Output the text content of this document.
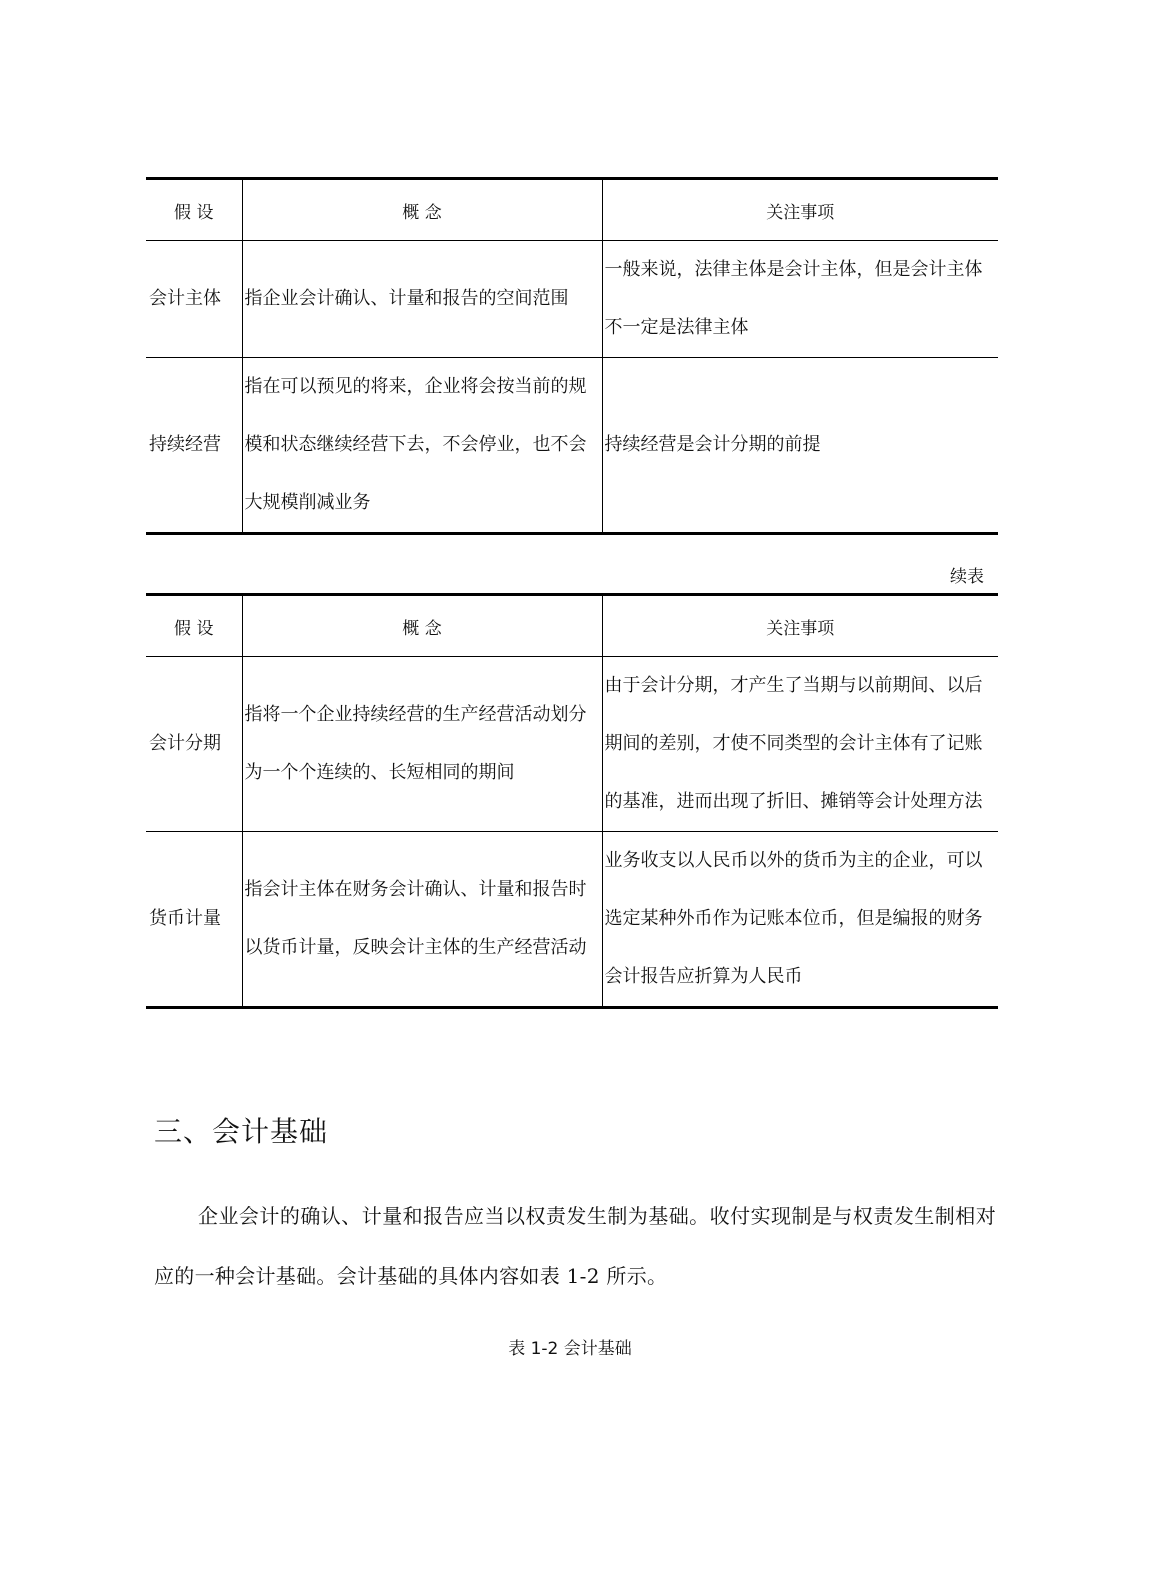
假 设	概 念	关注事项
会计主体	指企业会计确认、计量和报告的空间范围	一般来说，法律主体是会计主体，但是会计主体不一定是法律主体
持续经营	指在可以预见的将来，企业将会按当前的规模和状态继续经营下去，不会停业，也不会大规模削减业务	持续经营是会计分期的前提
续表
假 设	概 念	关注事项
会计分期	指将一个企业持续经营的生产经营活动划分为一个个连续的、长短相同的期间	由于会计分期，才产生了当期与以前期间、以后期间的差别，才使不同类型的会计主体有了记账的基准，进而出现了折旧、摊销等会计处理方法
货币计量	指会计主体在财务会计确认、计量和报告时以货币计量，反映会计主体的生产经营活动	业务收支以人民币以外的货币为主的企业，可以选定某种外币作为记账本位币，但是编报的财务会计报告应折算为人民币
三、会计基础

企业会计的确认、计量和报告应当以权责发生制为基础。收付实现制是与权责发生制相对应的一种会计基础。会计基础的具体内容如表 1-2 所示。

表 1-2 会计基础
